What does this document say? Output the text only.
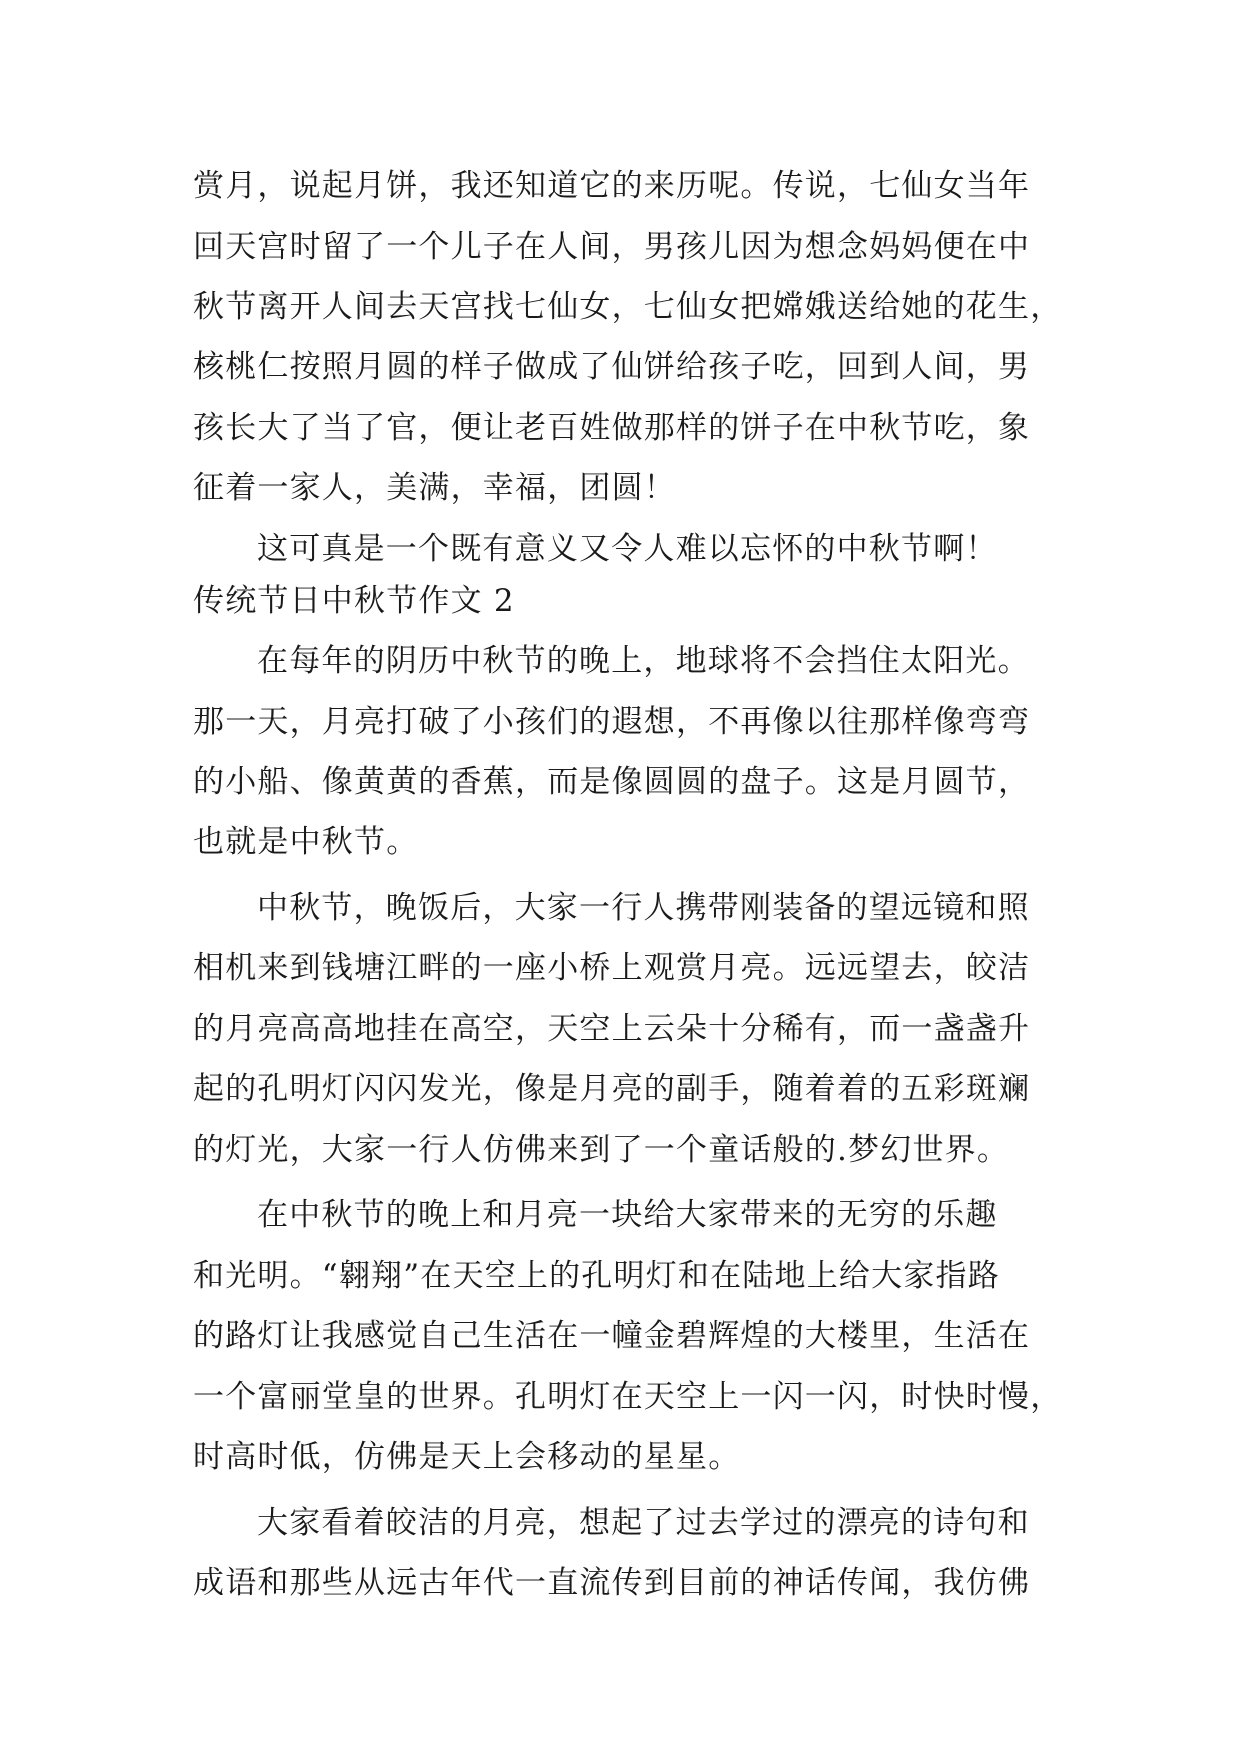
赏月，说起月饼，我还知道它的来历呢。传说，七仙女当年
回天宫时留了一个儿子在人间，男孩儿因为想念妈妈便在中
秋节离开人间去天宫找七仙女，七仙女把嫦娥送给她的花生，
核桃仁按照月圆的样子做成了仙饼给孩子吃，回到人间，男
孩长大了当了官，便让老百姓做那样的饼子在中秋节吃，象
征着一家人，美满，幸福，团圆！
这可真是一个既有意义又令人难以忘怀的中秋节啊！
传统节日中秋节作文 2
在每年的阴历中秋节的晚上，地球将不会挡住太阳光。
那一天，月亮打破了小孩们的遐想，不再像以往那样像弯弯
的小船、像黄黄的香蕉，而是像圆圆的盘子。这是月圆节，
也就是中秋节。
中秋节，晚饭后，大家一行人携带刚装备的望远镜和照
相机来到钱塘江畔的一座小桥上观赏月亮。远远望去，皎洁
的月亮高高地挂在高空，天空上云朵十分稀有，而一盏盏升
起的孔明灯闪闪发光，像是月亮的副手，随着着的五彩斑斓
的灯光，大家一行人仿佛来到了一个童话般的.梦幻世界。
在中秋节的晚上和月亮一块给大家带来的无穷的乐趣
和光明。“翱翔”在天空上的孔明灯和在陆地上给大家指路
的路灯让我感觉自己生活在一幢金碧辉煌的大楼里，生活在
一个富丽堂皇的世界。孔明灯在天空上一闪一闪，时快时慢，
时高时低，仿佛是天上会移动的星星。
大家看着皎洁的月亮，想起了过去学过的漂亮的诗句和
成语和那些从远古年代一直流传到目前的神话传闻，我仿佛
